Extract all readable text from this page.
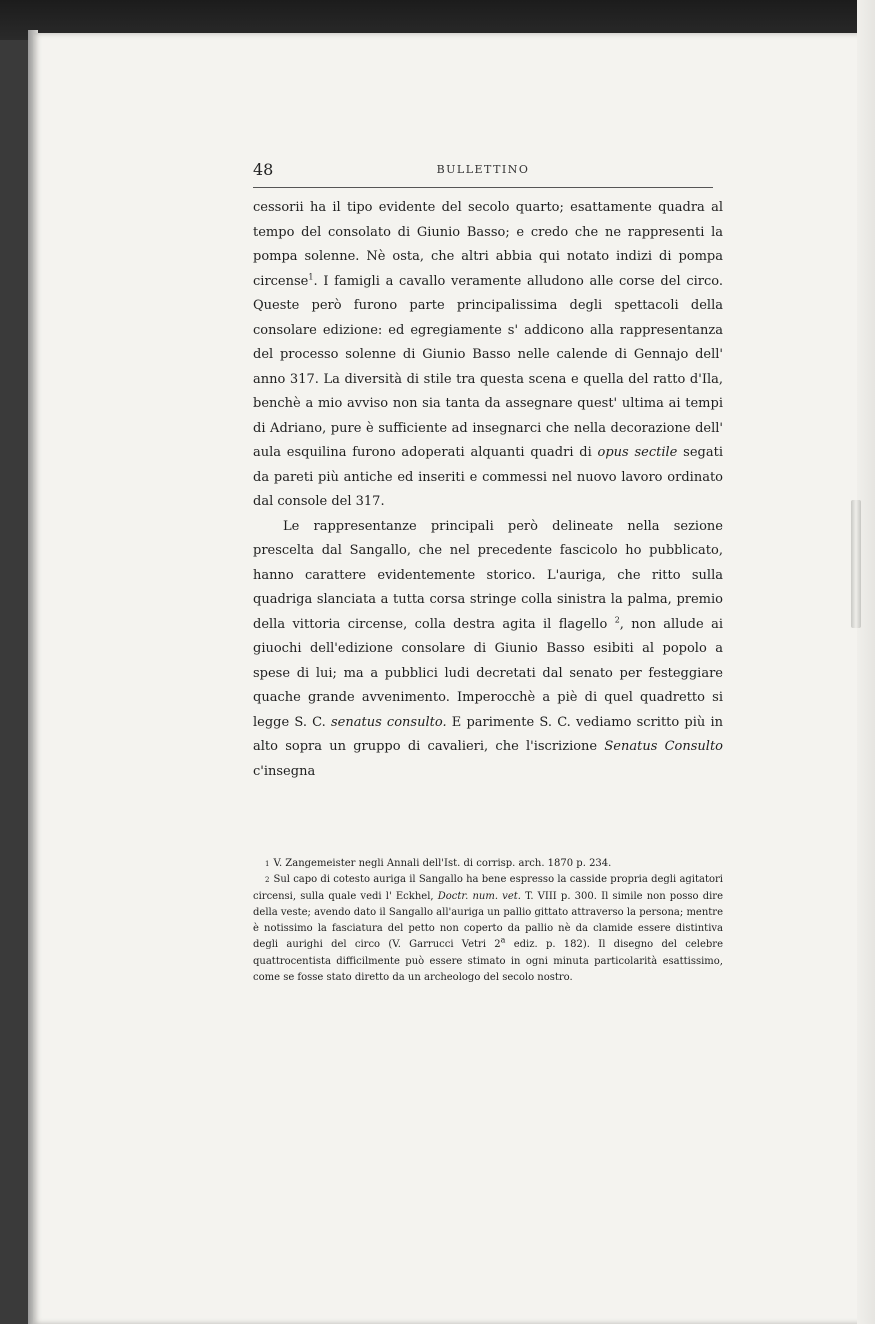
48	BULLETTINO

cessorii ha il tipo evidente del secolo quarto; esattamente quadra al tempo del consolato di Giunio Basso; e credo che ne rappresenti la pompa solenne. Nè osta, che altri abbia qui notato indizi di pompa circense$^1$. I famigli a cavallo veramente alludono alle corse del circo. Queste però furono parte principalissima degli spettacoli della consolare edizione: ed egregiamente s' addicono alla rappresentanza del processo solenne di Giunio Basso nelle calende di Gennajo dell' anno 317. La diversità di stile tra questa scena e quella del ratto d'Ila, benchè a mio avviso non sia tanta da assegnare quest' ultima ai tempi di Adriano, pure è sufficiente ad insegnarci che nella decorazione dell' aula esquilina furono adoperati alquanti quadri di opus sectile segati da pareti più antiche ed inseriti e commessi nel nuovo lavoro ordinato dal console del 317.

Le rappresentanze principali però delineate nella sezione prescelta dal Sangallo, che nel precedente fascicolo ho pubblicato, hanno carattere evidentemente storico. L'auriga, che ritto sulla quadriga slanciata a tutta corsa stringe colla sinistra la palma, premio della vittoria circense, colla destra agita il flagello $^2$, non allude ai giuochi dell'edizione consolare di Giunio Basso esibiti al popolo a spese di lui; ma a pubblici ludi decretati dal senato per festeggiare quache grande avvenimento. Imperocchè a piè di quel quadretto si legge S. C. senatus consulto. E parimente S. C. vediamo scritto più in alto sopra un gruppo di cavalieri, che l'iscrizione Senatus Consulto c'insegna

$^1$ V. Zangemeister negli Annali dell'Ist. di corrisp. arch. 1870 p. 234.

$^2$ Sul capo di cotesto auriga il Sangallo ha bene espresso la casside propria degli agitatori circensi, sulla quale vedi l' Eckhel, Doctr. num. vet. T. VIII p. 300. Il simile non posso dire della veste; avendo dato il Sangallo all'auriga un pallio gittato attraverso la persona; mentre è notissimo la fasciatura del petto non coperto da pallio nè da clamide essere distintiva degli aurighi del circo (V. Garrucci Vetri 2$^a$ ediz. p. 182). Il disegno del celebre quattrocentista difficilmente può essere stimato in ogni minuta particolarità esattissimo, come se fosse stato diretto da un archeologo del secolo nostro.
